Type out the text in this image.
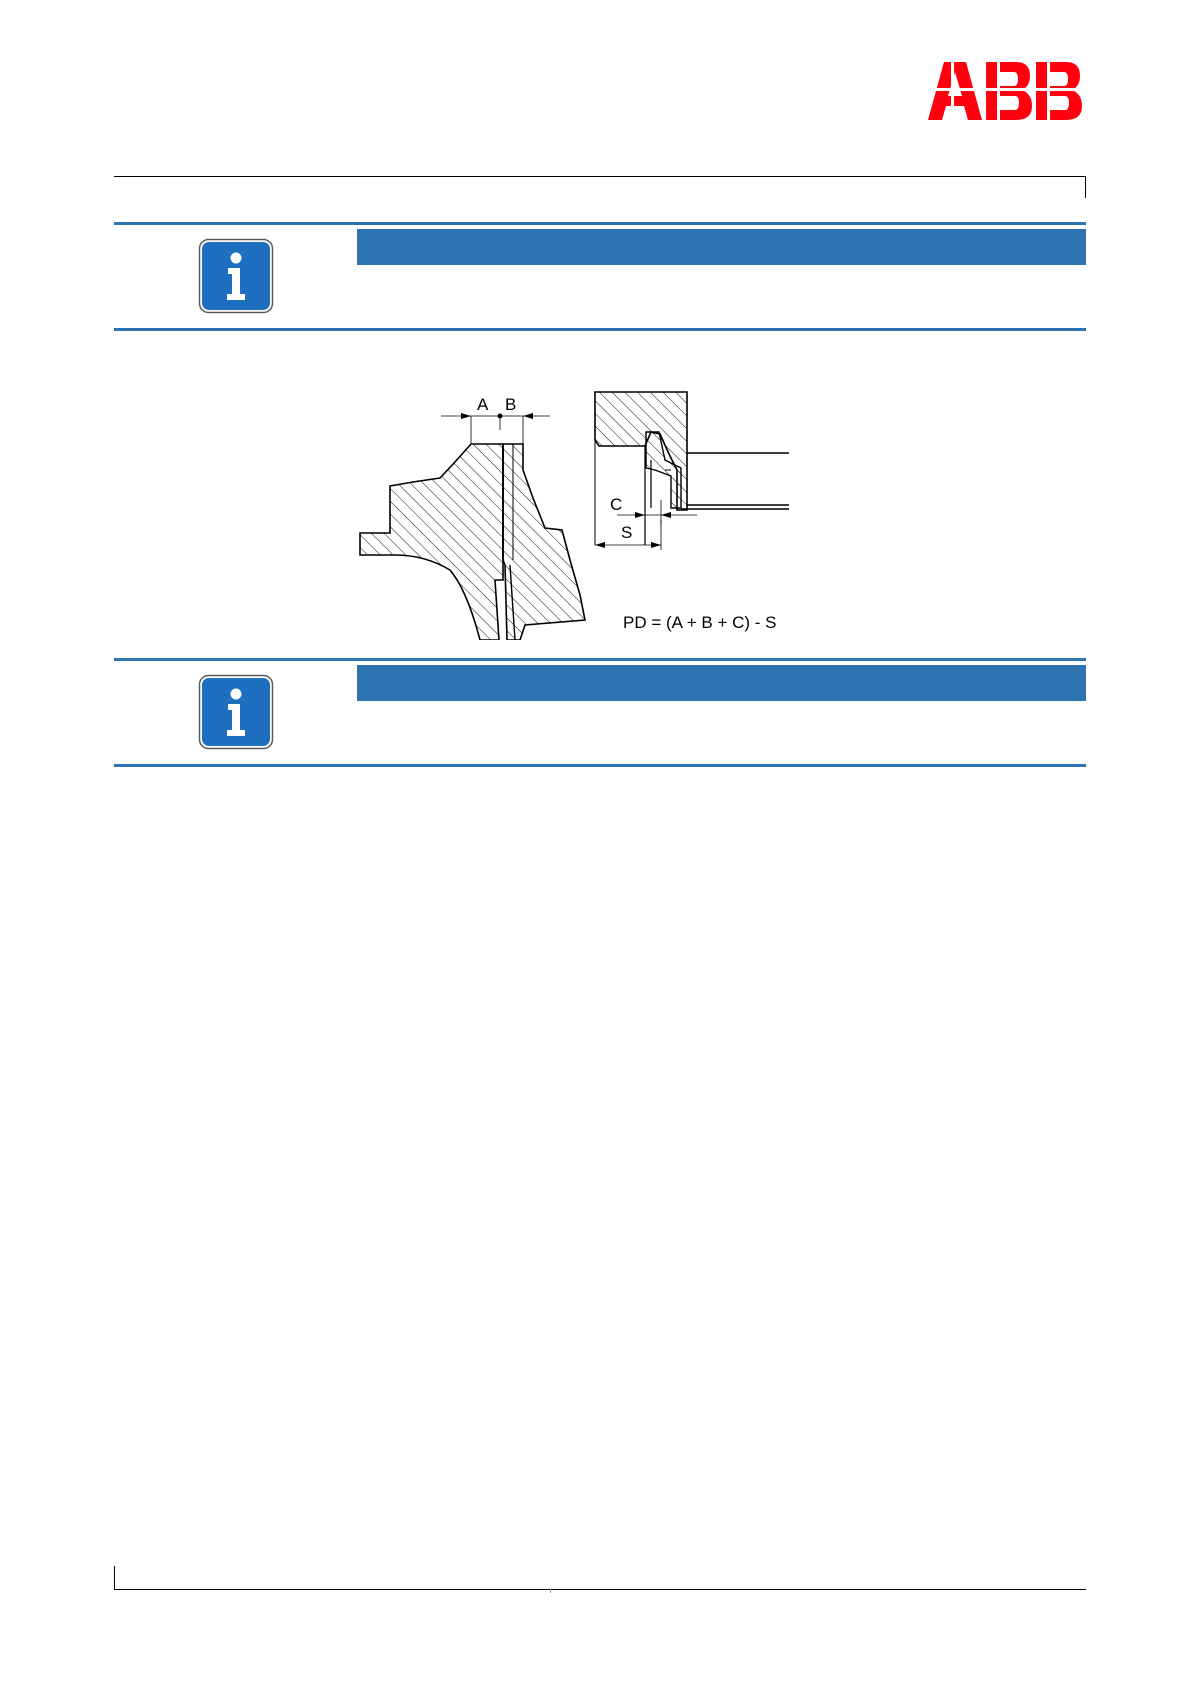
A B
C
S
PD = (A + B + C) - S
